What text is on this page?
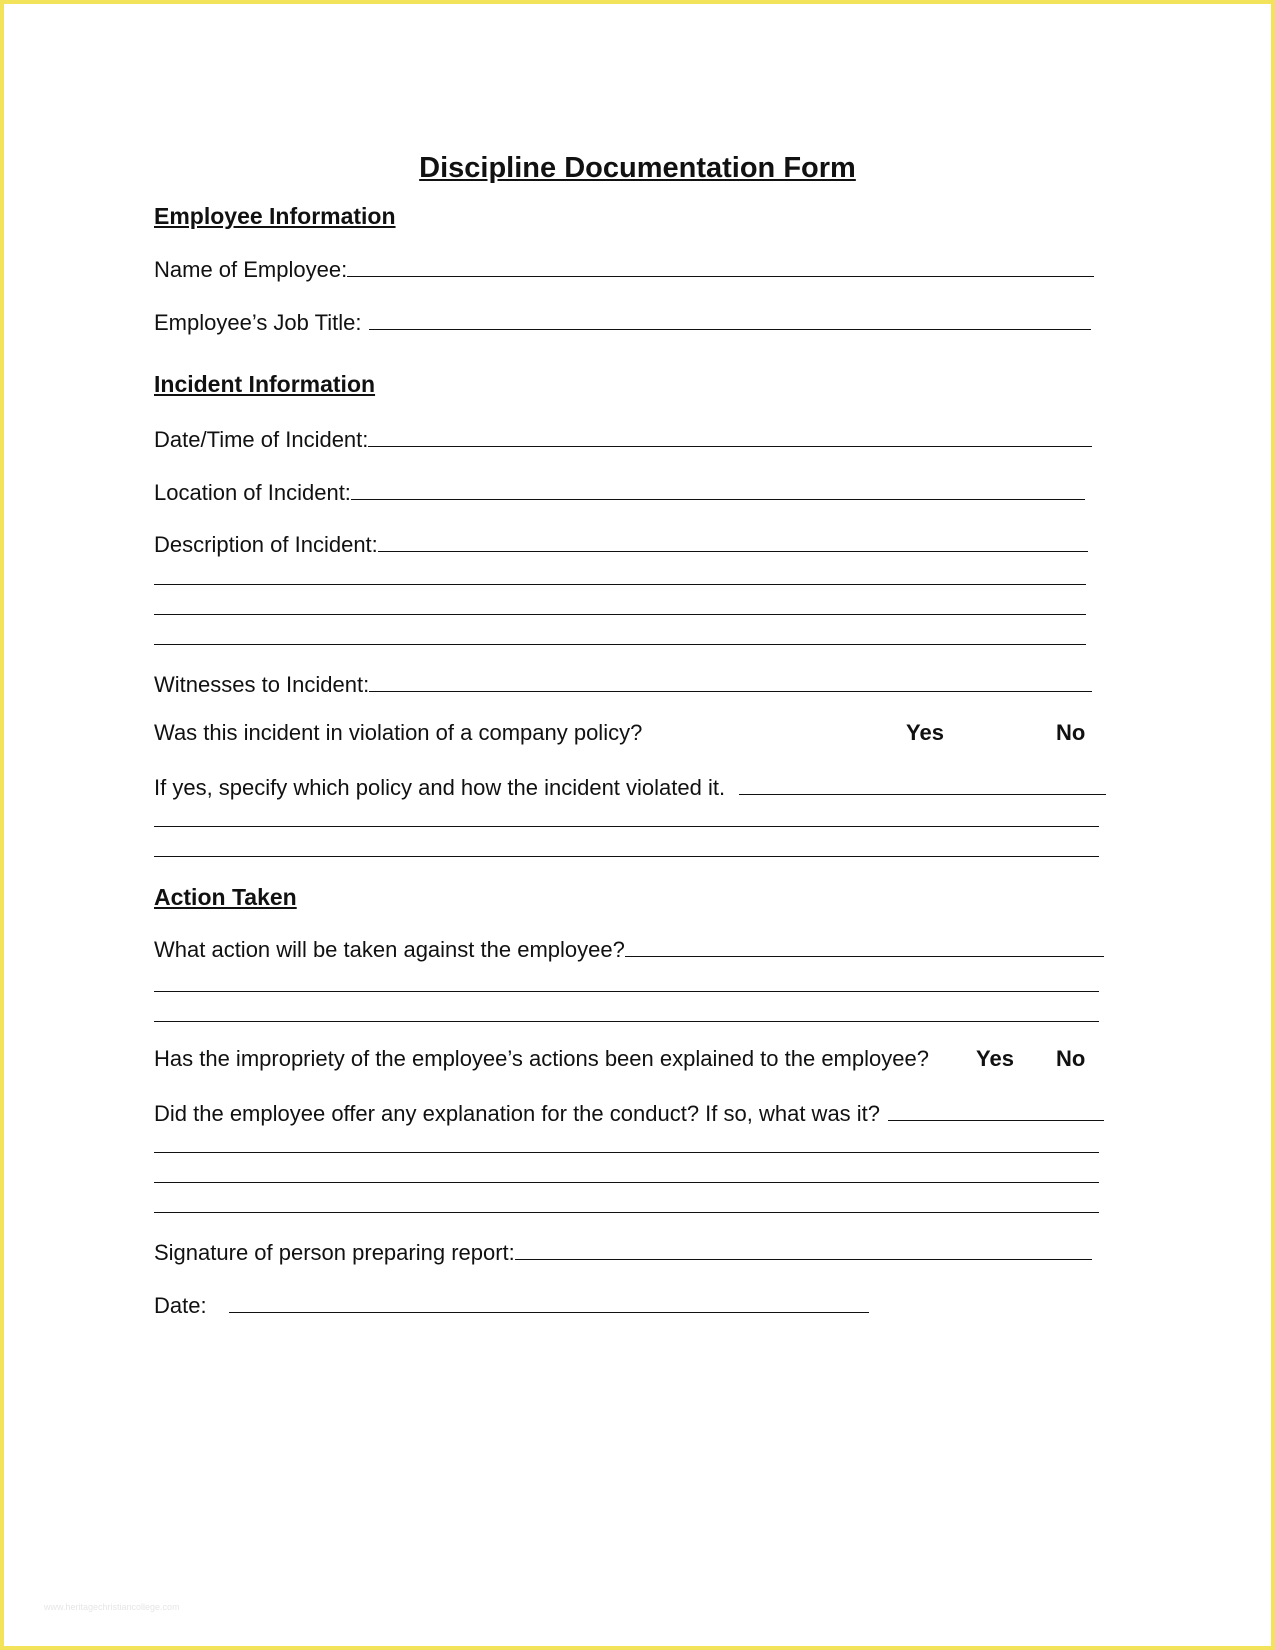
Discipline Documentation Form
Employee Information
Name of Employee:
Employee’s Job Title:
Incident Information
Date/Time of Incident:
Location of Incident:
Description of Incident:
Witnesses to Incident:
Was this incident in violation of a company policy?	Yes	No
If yes, specify which policy and how the incident violated it.
Action Taken
What action will be taken against the employee?
Has the impropriety of the employee’s actions been explained to the employee? Yes No
Did the employee offer any explanation for the conduct? If so, what was it?
Signature of person preparing report:
Date:
www.heritagechristiancollege.com
